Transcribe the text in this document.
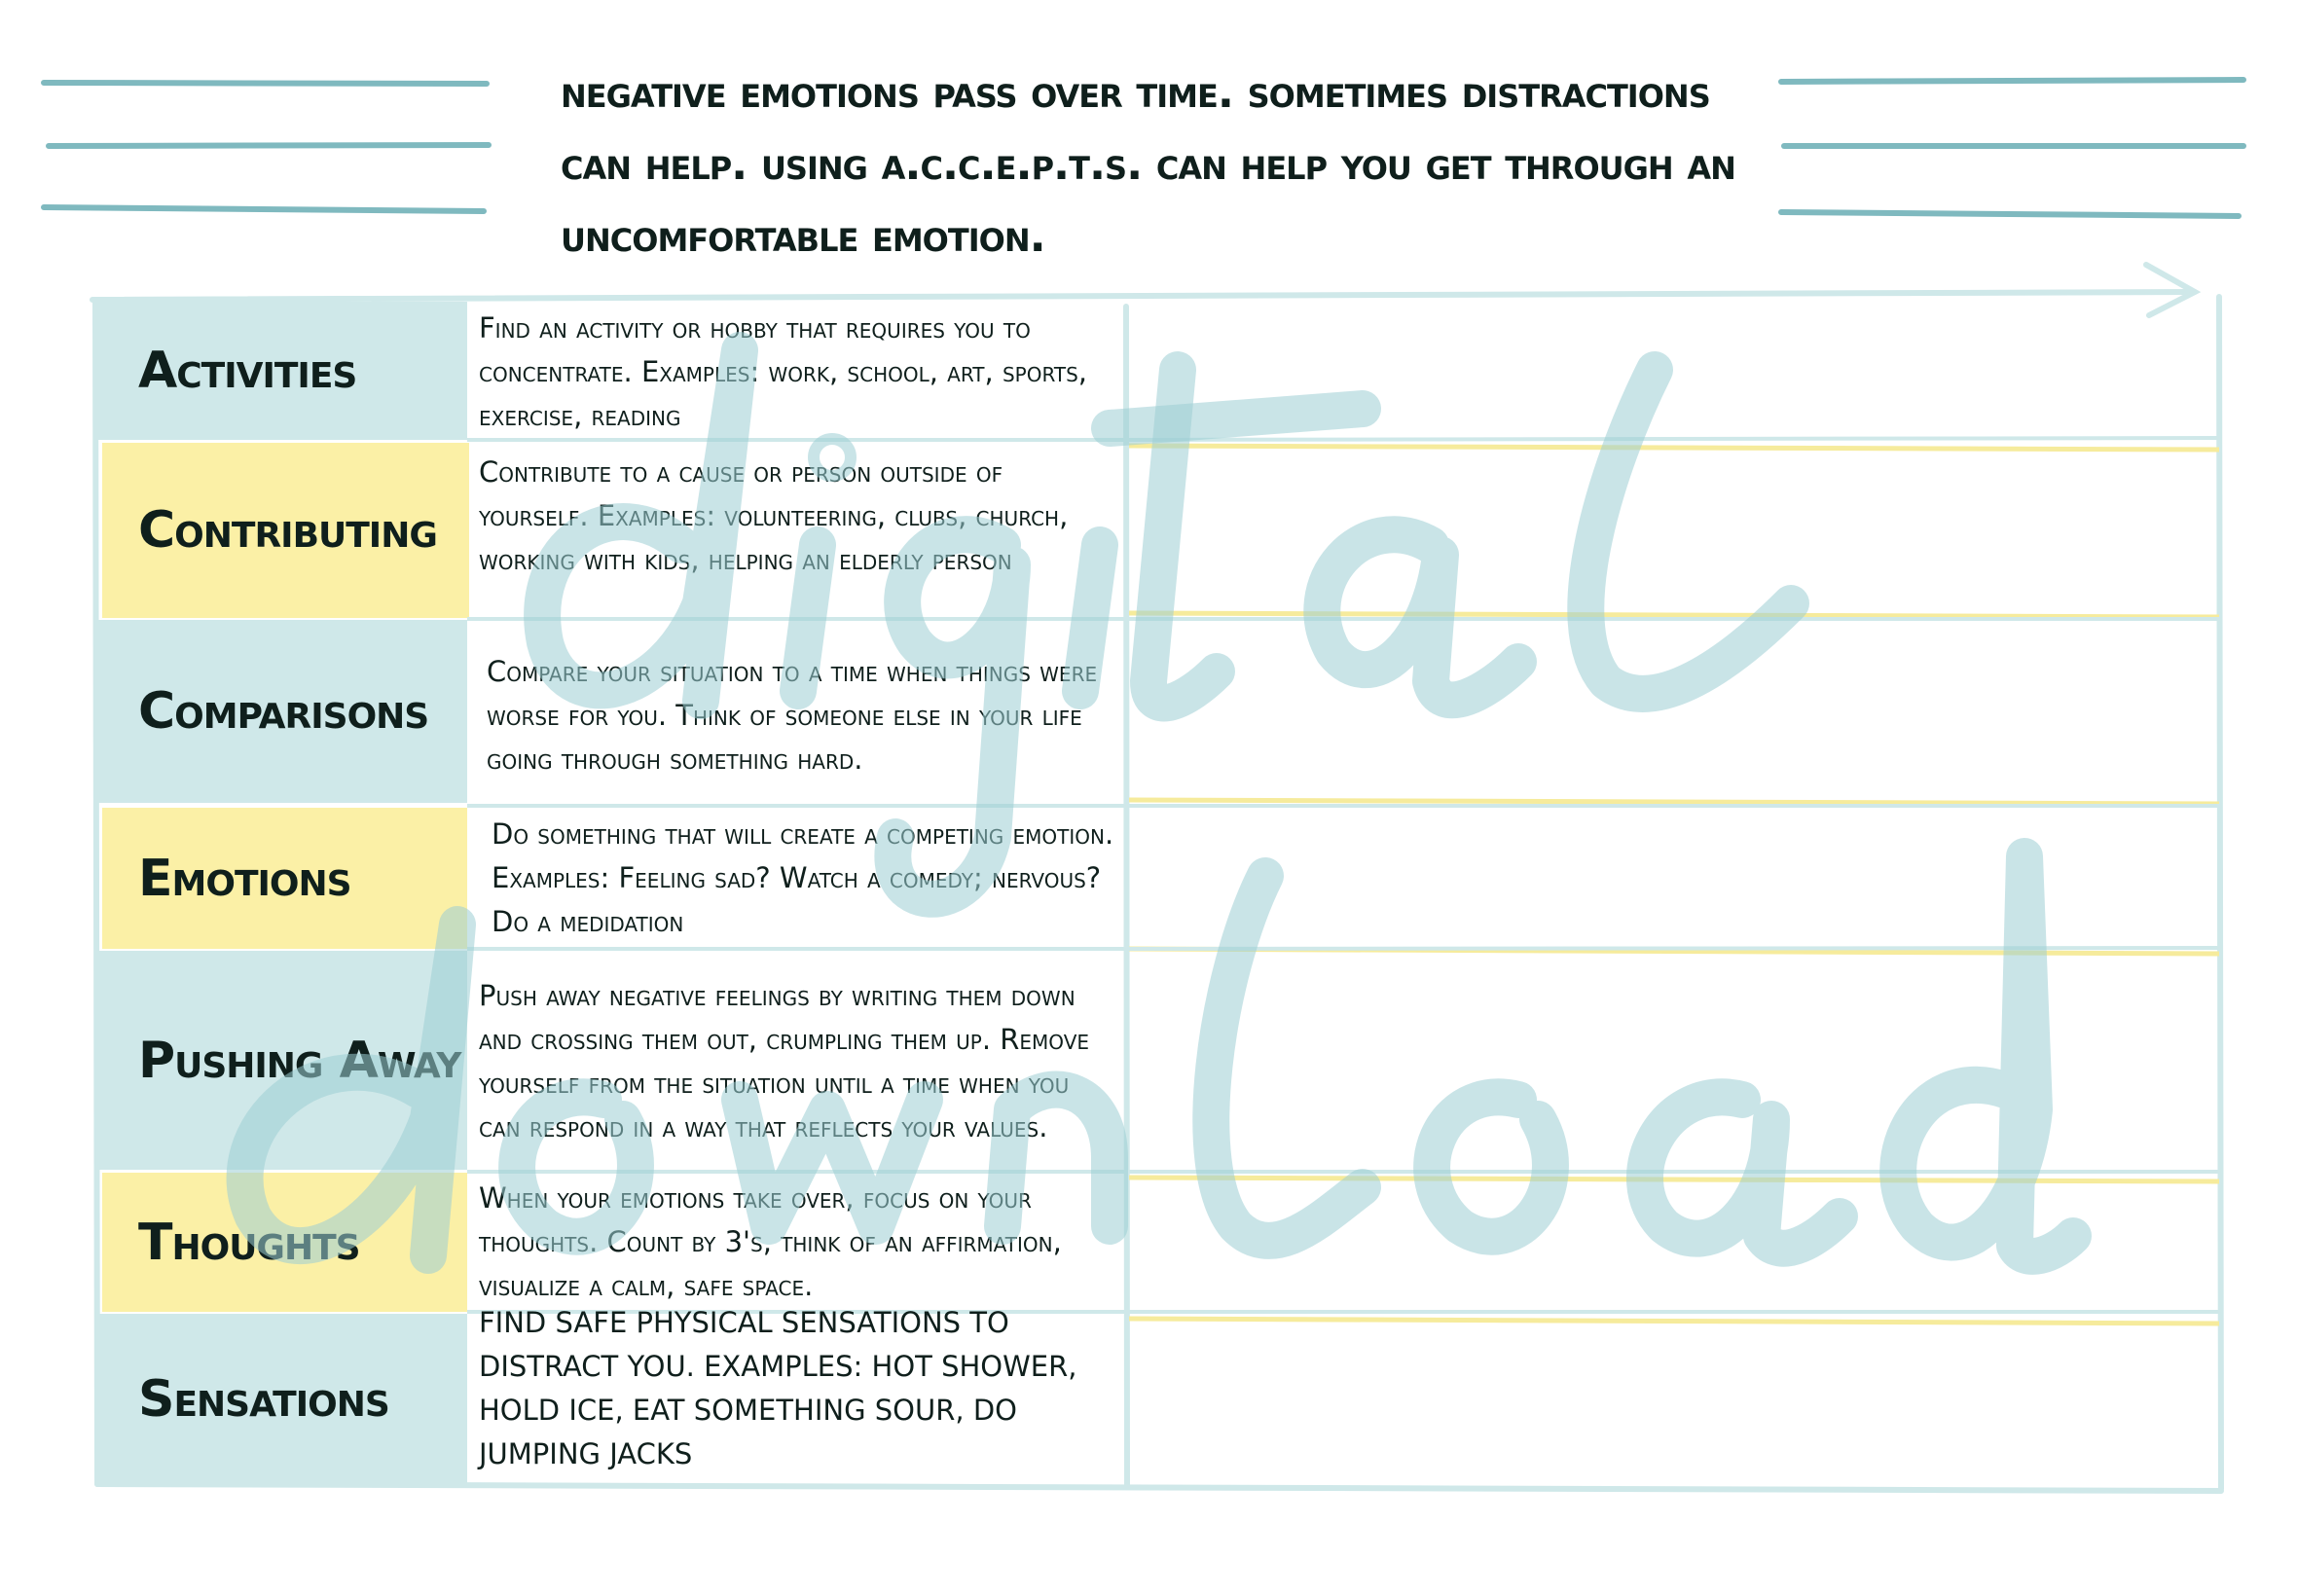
negative emotions pass over time. sometimes distractions can help. using a.c.c.e.p.t.s. can help you get through an uncomfortable emotion.
Activities
Contributing
Comparisons
Emotions
Pushing Away
Thoughts
Sensations
Find an activity or hobby that requires you to concentrate. Examples: work, school, art, sports, exercise, reading
Contribute to a cause or person outside of yourself. Examples: volunteering, clubs, church, working with kids, helping an elderly person
Compare your situation to a time when things were worse for you. Think of someone else in your life going through something hard.
Do something that will create a competing emotion. Examples: Feeling sad? Watch a comedy; nervous? Do a medidation
Push away negative feelings by writing them down and crossing them out, crumpling them up. Remove yourself from the situation until a time when you can respond in a way that reflects your values.
When your emotions take over, focus on your thoughts. Count by 3's, think of an affirmation, visualize a calm, safe space.
FIND SAFE PHYSICAL SENSATIONS TO DISTRACT YOU. EXAMPLES: HOT SHOWER, HOLD ICE, EAT SOMETHING SOUR, DO JUMPING JACKS
